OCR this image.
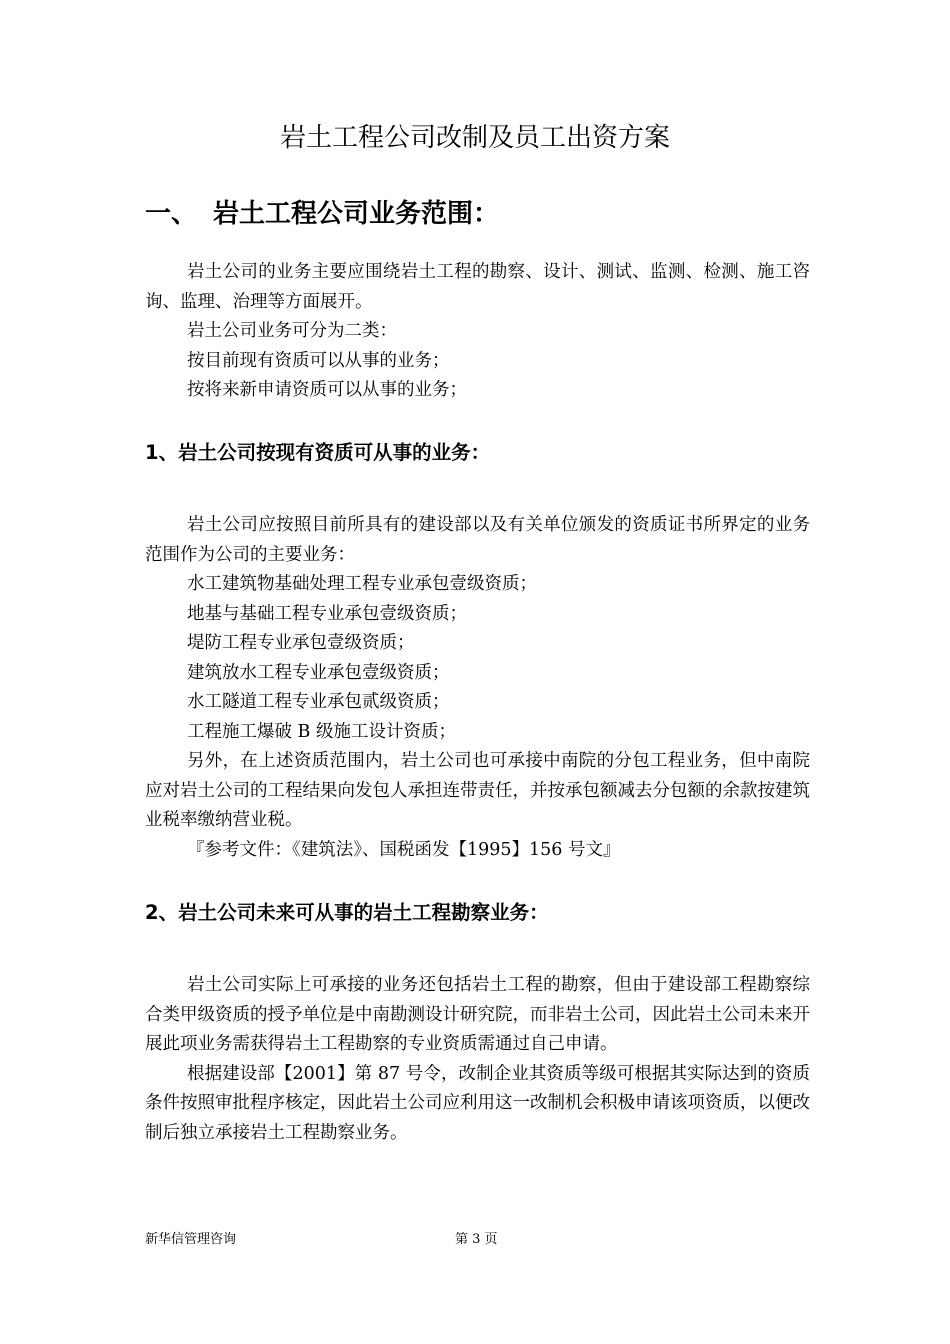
岩土工程公司改制及员工出资方案
一、 岩土工程公司业务范围：

岩土公司的业务主要应围绕岩土工程的勘察、设计、测试、监测、检测、施工咨询、监理、治理等方面展开。

岩土公司业务可分为二类：

按目前现有资质可以从事的业务；

按将来新申请资质可以从事的业务；

1、岩土公司按现有资质可从事的业务：

岩土公司应按照目前所具有的建设部以及有关单位颁发的资质证书所界定的业务范围作为公司的主要业务：

水工建筑物基础处理工程专业承包壹级资质；

地基与基础工程专业承包壹级资质；

堤防工程专业承包壹级资质；

建筑放水工程专业承包壹级资质；

水工隧道工程专业承包贰级资质；

工程施工爆破 B 级施工设计资质；

另外，在上述资质范围内，岩土公司也可承接中南院的分包工程业务，但中南院应对岩土公司的工程结果向发包人承担连带责任，并按承包额减去分包额的余款按建筑业税率缴纳营业税。

『参考文件：《建筑法》、国税函发【1995】156 号文』

2、岩土公司未来可从事的岩土工程勘察业务：

岩土公司实际上可承接的业务还包括岩土工程的勘察，但由于建设部工程勘察综合类甲级资质的授予单位是中南勘测设计研究院，而非岩土公司，因此岩土公司未来开展此项业务需获得岩土工程勘察的专业资质需通过自己申请。

根据建设部【2001】第 87 号令，改制企业其资质等级可根据其实际达到的资质条件按照审批程序核定，因此岩土公司应利用这一改制机会积极申请该项资质，以便改制后独立承接岩土工程勘察业务。

新华信管理咨询	第 3 页
